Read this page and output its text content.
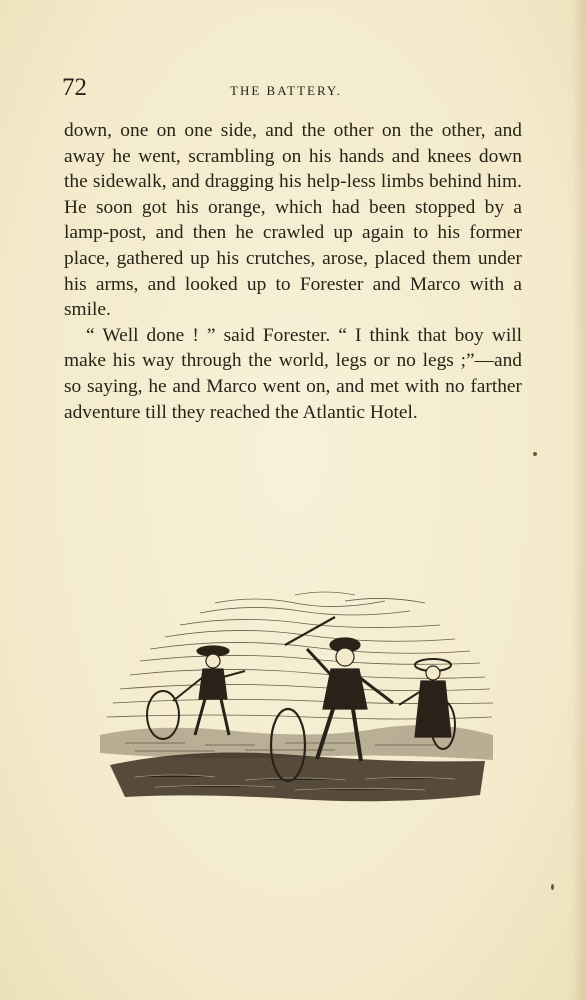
72	THE BATTERY.

down, one on one side, and the other on the other, and away he went, scrambling on his hands and knees down the sidewalk, and dragging his help-less limbs behind him. He soon got his orange, which had been stopped by a lamp-post, and then he crawled up again to his former place, gathered up his crutches, arose, placed them under his arms, and looked up to Forester and Marco with a smile.

“ Well done ! ” said Forester. “ I think that boy will make his way through the world, legs or no legs ;”—and so saying, he and Marco went on, and met with no farther adventure till they reached the Atlantic Hotel.
